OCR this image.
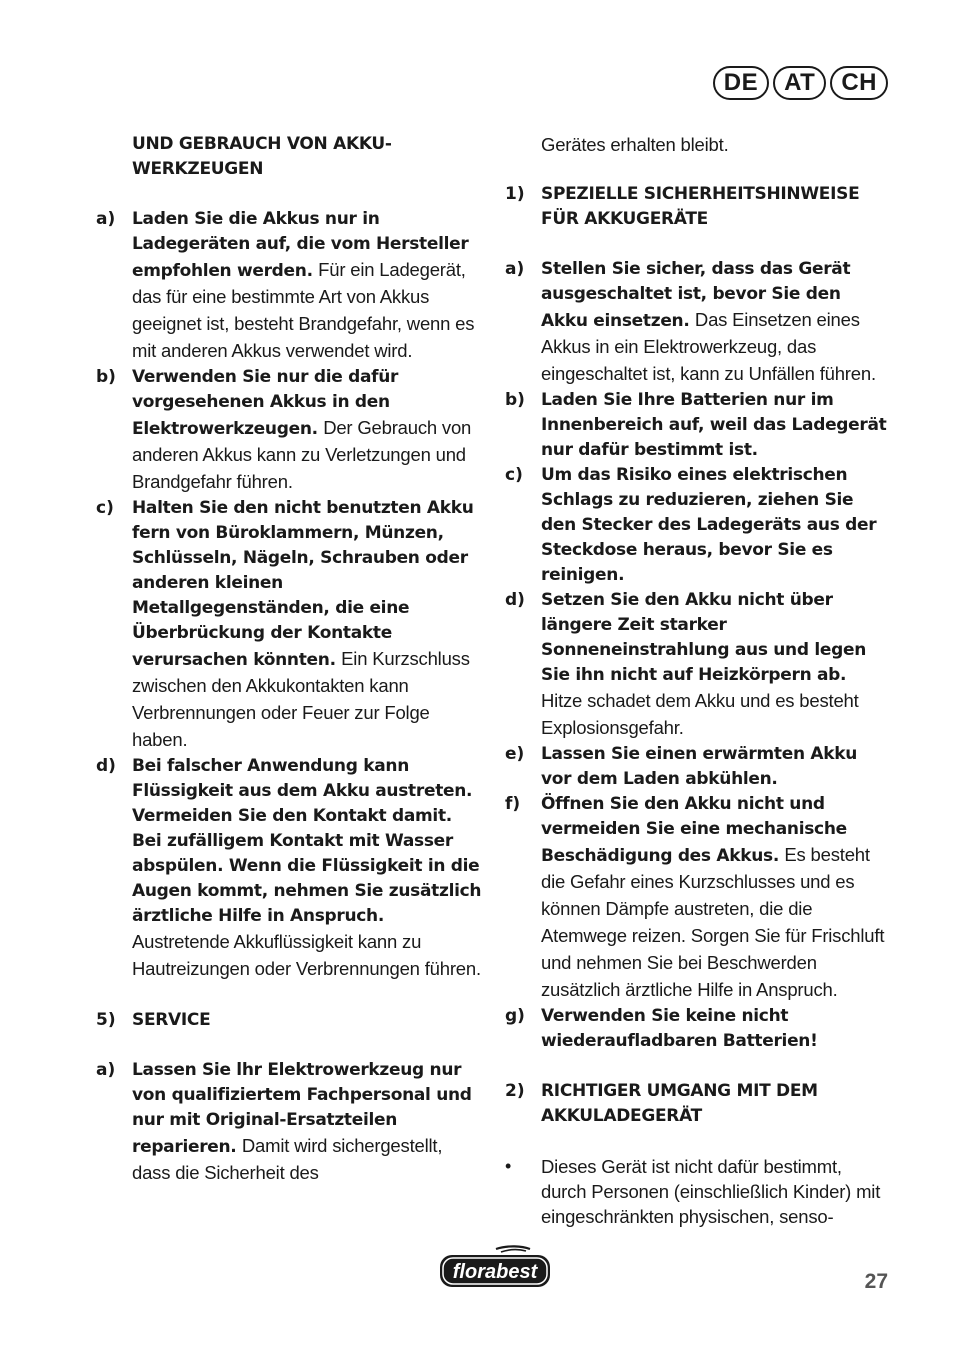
DE	AT	CH
UND GEBRAUCH VON AKKU-WERKZEUGEN
a) Laden Sie die Akkus nur in Ladegeräten auf, die vom Hersteller empfohlen werden. Für ein Ladegerät, das für eine bestimmte Art von Akkus geeignet ist, besteht Brandgefahr, wenn es mit anderen Akkus verwendet wird.
b) Verwenden Sie nur die dafür vorgesehenen Akkus in den Elektrowerkzeugen. Der Gebrauch von anderen Akkus kann zu Verletzungen und Brandgefahr führen.
c)	Halten Sie den nicht benutzten Akku fern von Büroklammern, Münzen, Schlüsseln, Nägeln, Schrauben oder anderen kleinen Metallgegenständen, die eine Überbrückung der Kontakte verursachen könnten. Ein Kurzschluss zwischen den Akkukontakten kann Verbrennungen oder Feuer zur Folge haben.
d) Bei falscher Anwendung kann Flüssigkeit aus dem Akku austreten. Vermeiden Sie den Kontakt damit. Bei zufälligem Kontakt mit Wasser abspülen. Wenn die Flüssigkeit in die Augen kommt, nehmen Sie zusätzlich ärztliche Hilfe in Anspruch. Austretende Akkuflüssigkeit kann zu Hautreizungen oder Verbrennungen führen.
5) SERVICE
a) Lassen Sie lhr Elektrowerkzeug nur von qualifiziertem Fachpersonal und nur mit Original-Ersatzteilen reparieren. Damit wird sichergestellt, dass die Sicherheit des
Gerätes erhalten bleibt.
1) SPEZIELLE SICHERHEITSHINWEISE FÜR AKKUGERÄTE
a) Stellen Sie sicher, dass das Gerät ausgeschaltet ist, bevor Sie den Akku einsetzen. Das Einsetzen eines Akkus in ein Elektrowerkzeug, das eingeschaltet ist, kann zu Unfällen führen.
b) Laden Sie Ihre Batterien nur im Innenbereich auf, weil das Ladegerät nur dafür bestimmt ist.
c)	Um das Risiko eines elektrischen Schlags zu reduzieren, ziehen Sie den Stecker des Ladegeräts aus der Steckdose heraus, bevor Sie es reinigen.
d) Setzen Sie den Akku nicht über längere Zeit starker Sonneneinstrahlung aus und legen Sie ihn nicht auf Heizkörpern ab. Hitze schadet dem Akku und es besteht Explosionsgefahr.
e) Lassen Sie einen erwärmten Akku vor dem Laden abkühlen.
f)	Öffnen Sie den Akku nicht und vermeiden Sie eine mechanische Beschädigung des Akkus. Es besteht die Gefahr eines Kurzschlusses und es können Dämpfe austreten, die die Atemwege reizen. Sorgen Sie für Frischluft und nehmen Sie bei Beschwerden zusätzlich ärztliche Hilfe in Anspruch.
g) Verwenden Sie keine nicht wiederaufladbaren Batterien!
2) RICHTIGER UMGANG MIT DEM AKKULADEGERÄT
•	Dieses Gerät ist nicht dafür bestimmt, durch Personen (einschließlich Kinder) mit eingeschränkten physischen, senso-
florabest	27
